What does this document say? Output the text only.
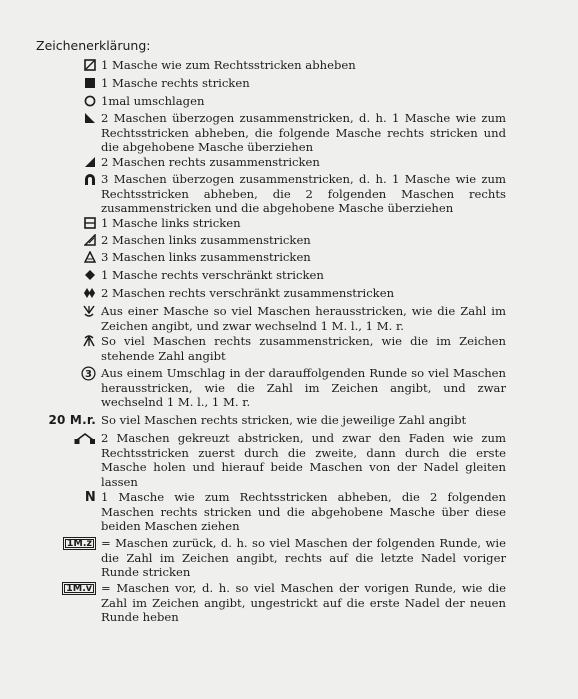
Zeichenerklärung:
1 Masche wie zum Rechtsstricken abheben
1 Masche rechts stricken
1mal umschlagen
2 Maschen überzogen zusammenstricken, d. h. 1 Masche wie zum Rechtsstricken abheben, die folgende Masche rechts stricken und die abgehobene Masche überziehen
2 Maschen rechts zusammenstricken
3 Maschen überzogen zusammenstricken, d. h. 1 Masche wie zum Rechtsstricken abheben, die 2 folgenden Maschen rechts zusammenstricken und die abgehobene Masche überziehen
1 Masche links stricken
2 Maschen links zusammenstricken
3 Maschen links zusammenstricken
1 Masche rechts verschränkt stricken
2 Maschen rechts verschränkt zusammenstricken
Aus einer Masche so viel Maschen herausstricken, wie die Zahl im Zeichen angibt, und zwar wechselnd 1 M. l., 1 M. r.
So viel Maschen rechts zusammenstricken, wie die im Zeichen stehende Zahl angibt
3 Aus einem Umschlag in der darauffolgenden Runde so viel Maschen herausstricken, wie die Zahl im Zeichen angibt, und zwar wechselnd 1 M. l., 1 M. r.
20 M.r. So viel Maschen rechts stricken, wie die jeweilige Zahl angibt
2 Maschen gekreuzt abstricken, und zwar den Faden wie zum Rechtsstricken zuerst durch die zweite, dann durch die erste Masche holen und hierauf beide Maschen von der Nadel gleiten lassen
N 1 Masche wie zum Rechtsstricken abheben, die 2 folgenden Maschen rechts stricken und die abgehobene Masche über diese beiden Maschen ziehen
1M.z = Maschen zurück, d. h. so viel Maschen der folgenden Runde, wie die Zahl im Zeichen angibt, rechts auf die letzte Nadel voriger Runde stricken
1M.v = Maschen vor, d. h. so viel Maschen der vorigen Runde, wie die Zahl im Zeichen angibt, ungestrickt auf die erste Nadel der neuen Runde heben
